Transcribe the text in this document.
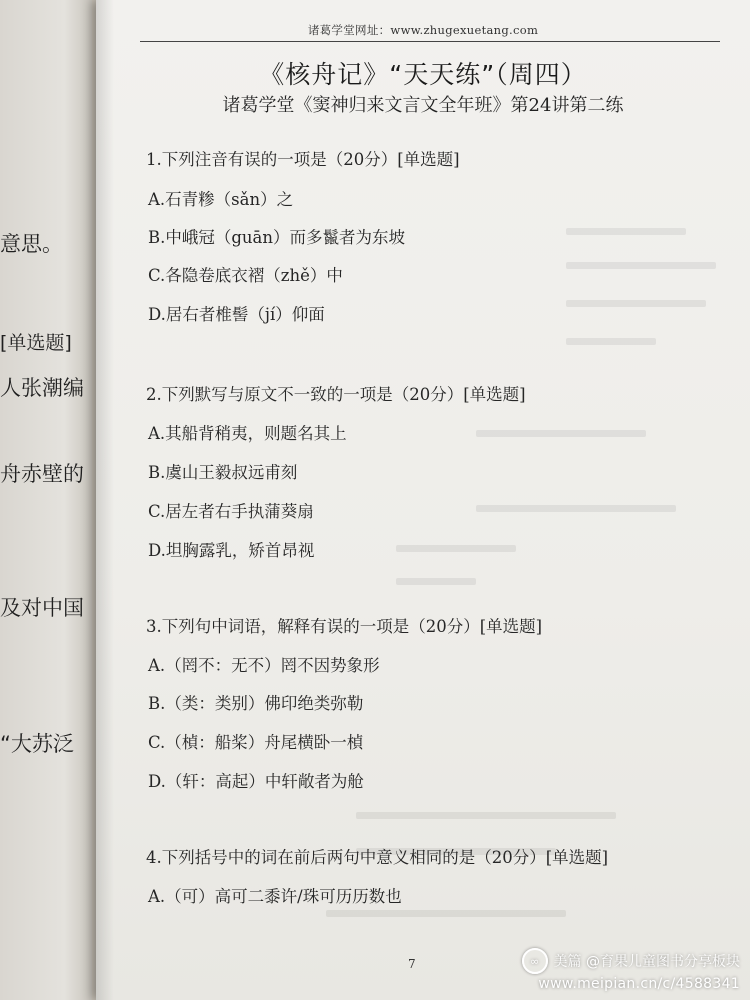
意思。
[单选题]
人张潮编
舟赤壁的
及对中国
“大苏泛
诸葛学堂网址：www.zhugexuetang.com
《核舟记》“天天练”（周四）
诸葛学堂《窦神归来文言文全年班》第24讲第二练
1.下列注音有误的一项是（20分）[单选题]
A.石青糁（sǎn）之
B.中峨冠（guān）而多鬣者为东坡
C.各隐卷底衣褶（zhě）中
D.居右者椎髻（jí）仰面
2.下列默写与原文不一致的一项是（20分）[单选题]
A.其船背稍夷，则题名其上
B.虞山王毅叔远甫刻
C.居左者右手执蒲葵扇
D.坦胸露乳，矫首昂视
3.下列句中词语，解释有误的一项是（20分）[单选题]
A.（罔不：无不）罔不因势象形
B.（类：类别）佛印绝类弥勒
C.（楨：船桨）舟尾横卧一楨
D.（轩：高起）中轩敞者为舱
4.下列括号中的词在前后两句中意义相同的是（20分）[单选题]
A.（可）高可二黍许/珠可历历数也
7	∞	美篇 @育果儿童图书分享板块
www.meipian.cn/c/4588341
